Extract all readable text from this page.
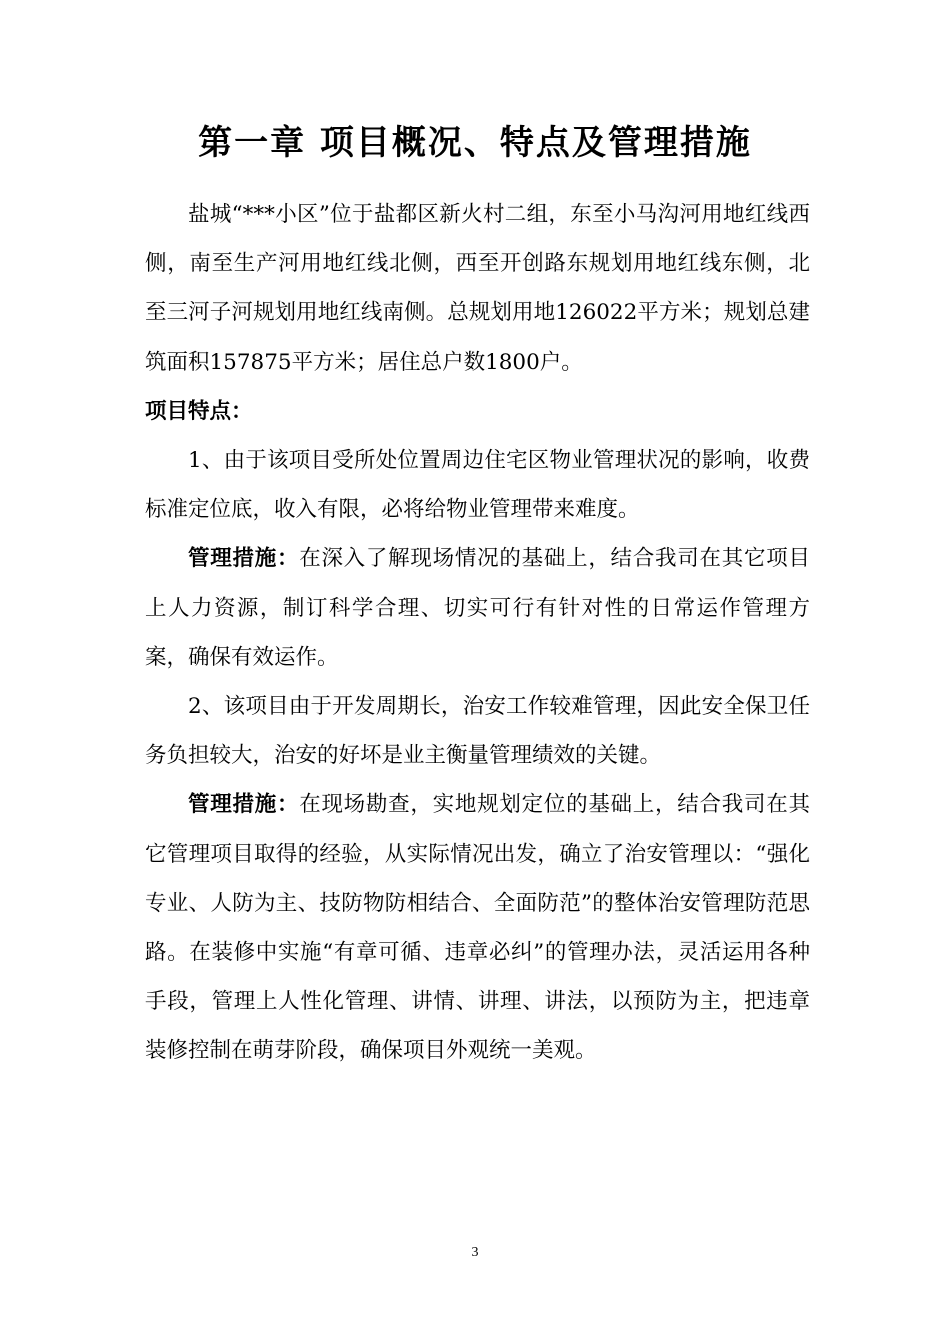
第一章 项目概况、特点及管理措施

盐城“***小区”位于盐都区新火村二组，东至小马沟河用地红线西侧，南至生产河用地红线北侧，西至开创路东规划用地红线东侧，北至三河子河规划用地红线南侧。总规划用地126022平方米；规划总建筑面积157875平方米；居住总户数1800户。

项目特点：

1、由于该项目受所处位置周边住宅区物业管理状况的影响，收费标准定位底，收入有限，必将给物业管理带来难度。

管理措施：在深入了解现场情况的基础上，结合我司在其它项目上人力资源，制订科学合理、切实可行有针对性的日常运作管理方案，确保有效运作。

2、该项目由于开发周期长，治安工作较难管理，因此安全保卫任务负担较大，治安的好坏是业主衡量管理绩效的关键。

管理措施：在现场勘查，实地规划定位的基础上，结合我司在其它管理项目取得的经验，从实际情况出发，确立了治安管理以：“强化专业、人防为主、技防物防相结合、全面防范”的整体治安管理防范思路。在装修中实施“有章可循、违章必纠”的管理办法，灵活运用各种手段，管理上人性化管理、讲情、讲理、讲法，以预防为主，把违章装修控制在萌芽阶段，确保项目外观统一美观。

3
